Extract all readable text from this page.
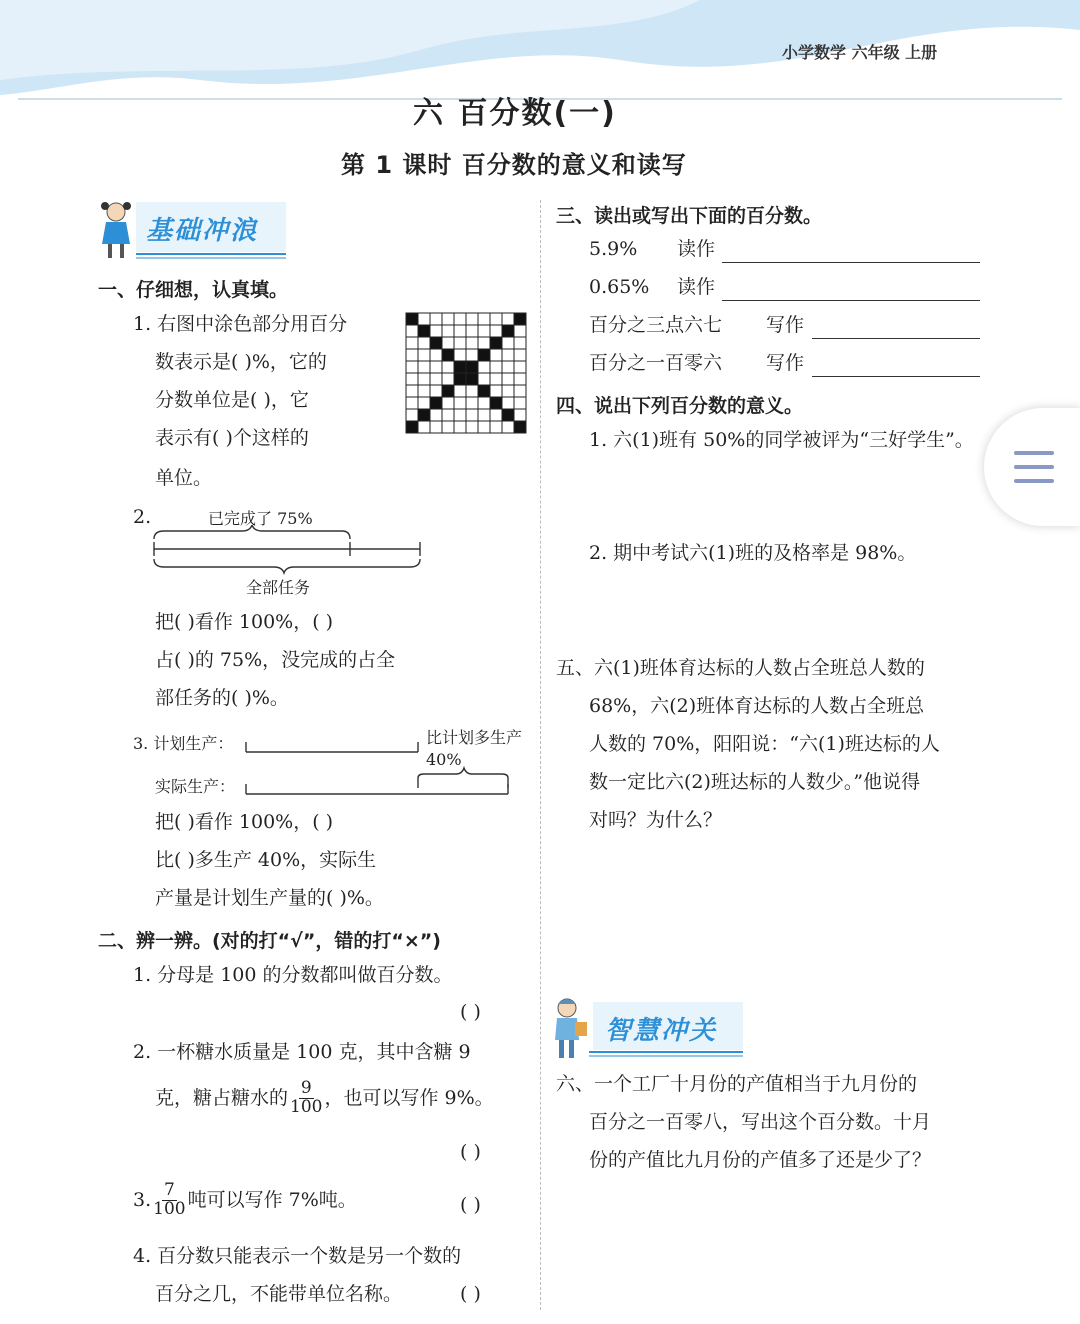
小学数学 六年级 上册
六 百分数(一)
第 1 课时 百分数的意义和读写
基础冲浪
一、仔细想，认真填。
1. 右图中涂色部分用百分
数表示是( )%，它的
分数单位是( )，它
表示有( )个这样的
单位。
2.	已完成了 75%
全部任务
把( )看作 100%，( )
占( )的 75%，没完成的占全
部任务的( )%。
3. 计划生产：
实际生产：
比计划多生产 40%
把( )看作 100%，( )
比( )多生产 40%，实际生
产量是计划生产量的( )%。
二、辨一辨。(对的打“√”，错的打“×”)
1. 分母是 100 的分数都叫做百分数。
( )
2. 一杯糖水质量是 100 克，其中含糖 9
克，糖占糖水的 $\frac{9}{100}$ ，也可以写作 9%。
( )
3. $\frac{7}{100}$ 吨可以写作 7%吨。	( )
4. 百分数只能表示一个数是另一个数的
百分之几，不能带单位名称。	( )
三、读出或写出下面的百分数。
5.9% 读作
0.65% 读作
百分之三点六七 写作
百分之一百零六 写作
四、说出下列百分数的意义。
1. 六(1)班有 50%的同学被评为“三好学生”。
2. 期中考试六(1)班的及格率是 98%。
五、六(1)班体育达标的人数占全班总人数的
68%，六(2)班体育达标的人数占全班总
人数的 70%，阳阳说：“六(1)班达标的人
数一定比六(2)班达标的人数少。”他说得
对吗？为什么？
智慧冲关
六、一个工厂十月份的产值相当于九月份的
百分之一百零八，写出这个百分数。十月
份的产值比九月份的产值多了还是少了？
